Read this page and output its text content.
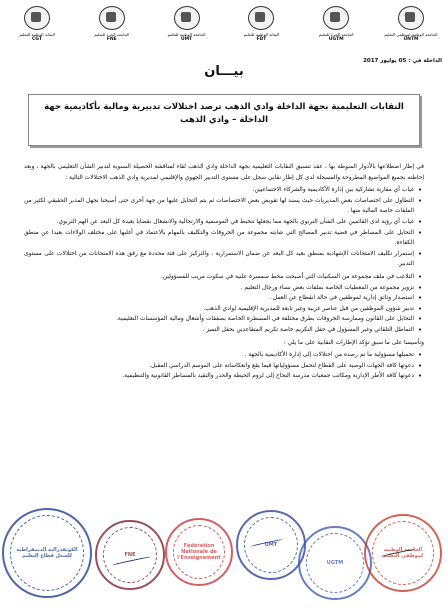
النقابة الوطنية للتعليم
CGT
الجامعة الحرة للتعليم
FNE
الجامعة الوطنية للتعليم
UMT
النقابة الوطنية للتعليم
FDT
الجامعة الحرة للتعليم
UGTM
الجامعة الوطنية لموظفي التعليم
UNTM
الداخلة في : 05 يوليوز 2017
بيـــان
النقابات التعليمية بجهة الداخلة وادي الذهب ترصد اختلالات تدبيرية ومالية بأكاديمية جهة الداخلة – وادي الذهب

في إطار اضطلاعها بالأدوار المنوطة بها ، عقد تنسيق النقابات التعليمية بجهة الداخلة وادي الذهب لقاء لمناقشة الحصيلة السنوية لتدبير الشأن التعليمي بالجهة ، وبعد إحاطته بجميع المواضيع المطروحة والمسجلة لدى كل إطار نقابي سجل على مستوى التدبير الجهوي والإقليمي لمديرية وادي الذهب الاختلالات التالية :

• غياب أي مقاربة تشاركية بين إدارة الأكاديمية والشركاء الاجتماعيين.
• التطاول على اختصاصات بعض المديريات حيث يسند لها تفويض بعض الاختصاصات ثم يتم التحايل عليها من جهة أخرى حتى أصبحنا نجهل المدبر الحقيقي لكثير من الملفات خاصة المالية منها .
• غياب أي رؤية لدى القائمين على الشأن التربوي بالجهة مما يجعلها تتخبط في الموسمية والارتجالية والانشغال بقضايا بعيدة كل البعد عن الهم التربوي.
• التحايل على المساطر في قضية تدبير المصالح التي شابته مجموعة من الخروقات والتكليف بالمهام بالاعتماد في أغلبها على مختلف الولاءات بعيدا عن منطق الكفاءة.
• إستمرار تكليف الامتحانات الإشهادية بمنطق بعيد كل البعد عن ضمان الاستمرارية ، والتركيز على فئة محددة مع رفق هذه الامتحانات من اختلالات على مستوى التدبير.
• التلاعب في ملف مجموعة من السكنيات التي أصبحت محط سمسرة علنية في سكوت مريب للمسؤولين.
• تزوير مجموعة من المعطيات الخاصة بملفات بعض نساء ورجال التعليم .
• استصدار وثائق إدارية لموظفين في حالة انقطاع عن العمل .
• تدبير شؤون الموظفين من قبل عناصر غريبة وغير تابعة للمديرية الإقليمية لوادي الذهب.
• التحايل على القانون وممارسة الخروقات بطرق مختلفة في المسطرة الخاصة بصفقات وأشغال ومالية المؤسسات التعليمية.
• التماطل التلقائي وغير المسؤول في حفل التكريم خاصة تكريم المتقاعدين بحفل التميز .

وتأسيسا على ما سبق تؤكد الإطارات النقابية على ما يلي :

• تحميلها مسؤولية ما تم رصده من اختلالات إلى إدارة الأكاديمية بالجهة .
• دعوتها كافة الجهات الوصية على القطاع لتحمل مسؤولياتها فيما يقع وانعكاساته على الموسم الدراسي المقبل.
• دعوتها كافة الأطر الإدارية ومكاتب جمعيات مدرسة النجاح إلى لزوم الحيطة والحذر والتقيد بالمساطر القانونية والتنظيمية.
الكونفدرالية الديمقراطية للشغل قطاع التعليم	FNE
Fédération Nationale de l'Enseignement
UMT
UGTM
الجامعة الوطنية لموظفي التعليم
